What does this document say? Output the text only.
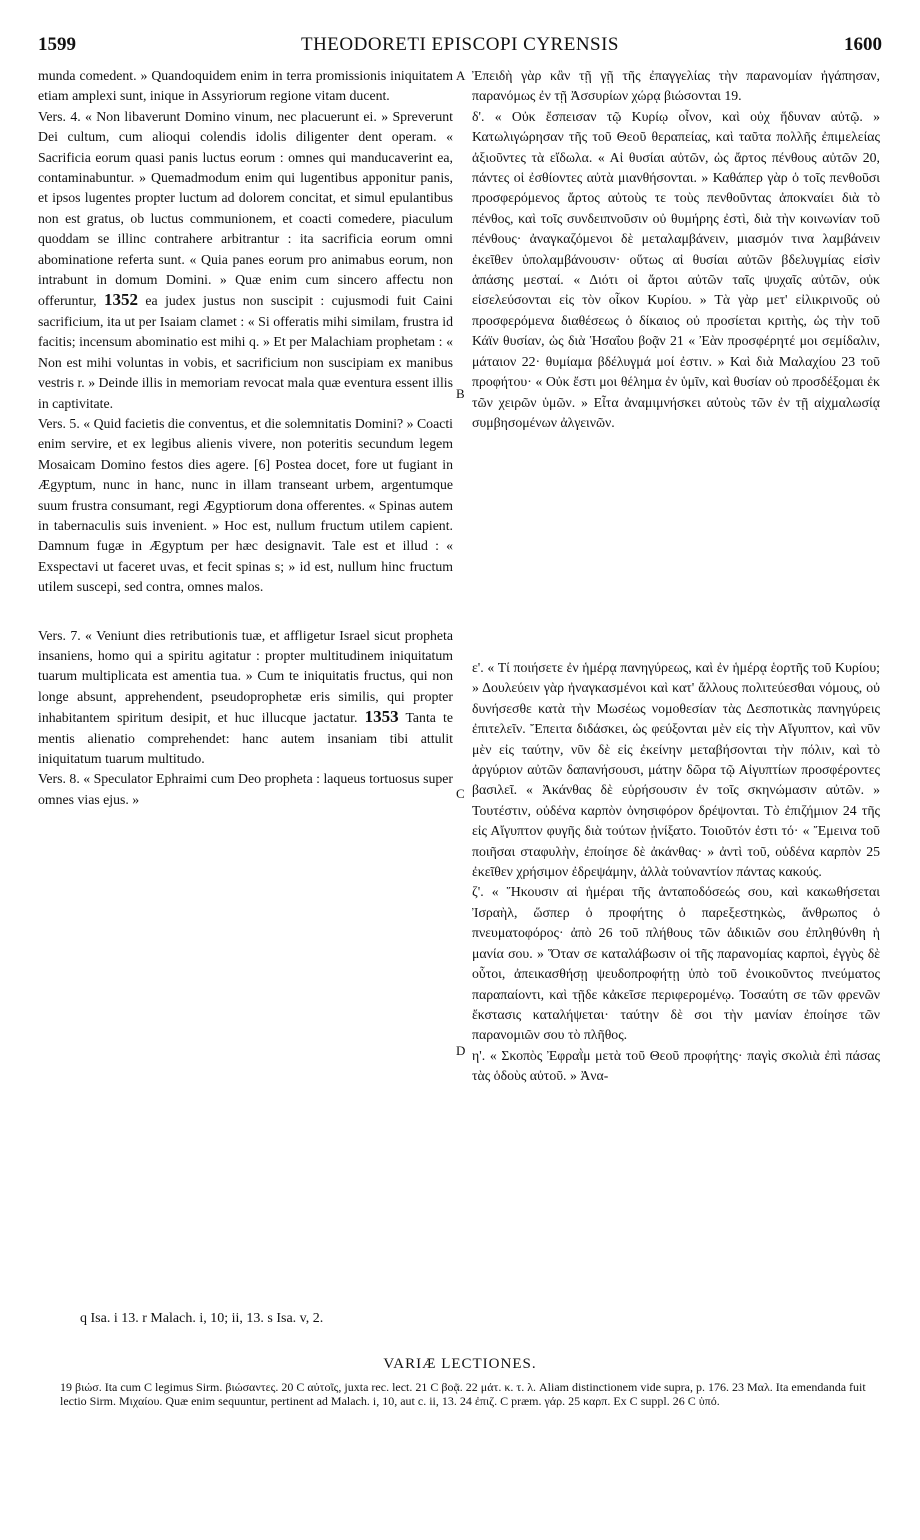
1599	THEODORETI EPISCOPI CYRENSIS	1600

munda comedent. » Quandoquidem enim in terra promissionis iniquitatem etiam amplexi sunt, inique in Assyriorum regione vitam ducent.

Vers. 4. « Non libaverunt Domino vinum, nec placuerunt ei. » Spreverunt Dei cultum, cum alioqui colendis idolis diligenter dent operam. « Sacrificia eorum quasi panis luctus eorum : omnes qui manducaverint ea, contaminabuntur. » Quemadmodum enim qui lugentibus apponitur panis, et ipsos lugentes propter luctum ad dolorem concitat, et simul epulantibus non est gratus, ob luctus communionem, et coacti comedere, piaculum quoddam se illinc contrahere arbitrantur : ita sacrificia eorum omni abominatione referta sunt. « Quia panes eorum pro animabus eorum, non intrabunt in domum Domini. » Quæ enim cum sincero affectu non offeruntur, 1352 ea judex justus non suscipit : cujusmodi fuit Caini sacrificium, ita ut per Isaiam clamet : « Si offeratis mihi similam, frustra id facitis; incensum abominatio est mihi q. » Et per Malachiam prophetam : « Non est mihi voluntas in vobis, et sacrificium non suscipiam ex manibus vestris r. » Deinde illis in memoriam revocat mala quæ eventura essent illis in captivitate.

Vers. 5. « Quid facietis die conventus, et die solemnitatis Domini? » Coacti enim servire, et ex legibus alienis vivere, non poteritis secundum legem Mosaicam Domino festos dies agere. [6] Postea docet, fore ut fugiant in Ægyptum, nunc in hanc, nunc in illam transeant urbem, argentumque suum frustra consumant, regi Ægyptiorum dona offerentes. « Spinas autem in tabernaculis suis invenient. » Hoc est, nullum fructum utilem capient. Damnum fugæ in Ægyptum per hæc designavit. Tale est et illud : « Exspectavi ut faceret uvas, et fecit spinas s; » id est, nullum hinc fructum utilem suscepi, sed contra, omnes malos.

Vers. 7. « Veniunt dies retributionis tuæ, et affligetur Israel sicut propheta insaniens, homo qui a spiritu agitatur : propter multitudinem iniquitatum tuarum multiplicata est amentia tua. » Cum te iniquitatis fructus, qui non longe absunt, apprehendent, pseudoprophetæ eris similis, qui propter inhabitantem spiritum desipit, et huc illucque jactatur. 1353 Tanta te mentis alienatio comprehendet: hanc autem insaniam tibi attulit iniquitatum tuarum multitudo.

Vers. 8. « Speculator Ephraimi cum Deo propheta : laqueus tortuosus super omnes vias ejus. »

Ἐπειδὴ γὰρ κἂν τῇ γῇ τῆς ἐπαγγελίας τὴν παρανομίαν ἠγάπησαν, παρανόμως ἐν τῇ Ἀσσυρίων χώρᾳ βιώσονται 19.

δ'. « Οὐκ ἔσπεισαν τῷ Κυρίῳ οἶνον, καὶ οὐχ ἥδυναν αὐτῷ. » Κατωλιγώρησαν τῆς τοῦ Θεοῦ θεραπείας, καὶ ταῦτα πολλῆς ἐπιμελείας ἀξιοῦντες τὰ εἴδωλα. « Αἱ θυσίαι αὐτῶν, ὡς ἄρτος πένθους αὐτῶν 20, πάντες οἱ ἐσθίοντες αὐτὰ μιανθήσονται. » Καθάπερ γὰρ ὁ τοῖς πενθοῦσι προσφερόμενος ἄρτος αὐτοὺς τε τοὺς πενθοῦντας ἀποκναίει διὰ τὸ πένθος, καὶ τοῖς συνδειπνοῦσιν οὐ θυμήρης ἐστὶ, διὰ τὴν κοινωνίαν τοῦ πένθους· ἀναγκαζόμενοι δὲ μεταλαμβάνειν, μιασμόν τινα λαμβάνειν ἐκεῖθεν ὑπολαμβάνουσιν· οὕτως αἱ θυσίαι αὐτῶν βδελυγμίας εἰσὶν ἁπάσης μεσταί. « Διότι οἱ ἄρτοι αὐτῶν ταῖς ψυχαῖς αὐτῶν, οὐκ εἰσελεύσονται εἰς τὸν οἶκον Κυρίου. » Τὰ γὰρ μετ' εἰλικρινοῦς οὐ προσφερόμενα διαθέσεως ὁ δίκαιος οὐ προσίεται κριτὴς, ὡς τὴν τοῦ Κάϊν θυσίαν, ὡς διὰ Ἡσαΐου βοᾷν 21 « Ἐὰν προσφέρητέ μοι σεμίδαλιν, μάταιον 22· θυμίαμα βδέλυγμά μοί ἐστιν. » Καὶ διὰ Μαλαχίου 23 τοῦ προφήτου· « Οὐκ ἔστι μοι θέλημα ἐν ὑμῖν, καὶ θυσίαν οὐ προσδέξομαι ἐκ τῶν χειρῶν ὑμῶν. » Εἶτα ἀναμιμνήσκει αὐτοὺς τῶν ἐν τῇ αἰχμαλωσίᾳ συμβησομένων ἀλγεινῶν.

ε'. « Τί ποιήσετε ἐν ἡμέρᾳ πανηγύρεως, καὶ ἐν ἡμέρᾳ ἑορτῆς τοῦ Κυρίου; » Δουλεύειν γὰρ ἠναγκασμένοι καὶ κατ' ἄλλους πολιτεύεσθαι νόμους, οὐ δυνήσεσθε κατὰ τὴν Μωσέως νομοθεσίαν τὰς Δεσποτικὰς πανηγύρεις ἐπιτελεῖν. Ἔπειτα διδάσκει, ὡς φεύξονται μὲν εἰς τὴν Αἴγυπτον, καὶ νῦν μὲν εἰς ταύτην, νῦν δὲ εἰς ἐκείνην μεταβήσονται τὴν πόλιν, καὶ τὸ ἀργύριον αὐτῶν δαπανήσουσι, μάτην δῶρα τῷ Αἰγυπτίων προσφέροντες βασιλεῖ. « Ἀκάνθας δὲ εὑρήσουσιν ἐν τοῖς σκηνώμασιν αὐτῶν. » Τουτέστιν, οὐδένα καρπὸν ὀνησιφόρον δρέψονται. Τὸ ἐπιζήμιον 24 τῆς εἰς Αἴγυπτον φυγῆς διὰ τούτων ᾐνίξατο. Τοιοῦτόν ἐστι τό· « Ἔμεινα τοῦ ποιῆσαι σταφυλὴν, ἐποίησε δὲ ἀκάνθας· » ἀντὶ τοῦ, οὐδένα καρπὸν 25 ἐκεῖθεν χρήσιμον ἐδρεψάμην, ἀλλὰ τοὐναντίον πάντας κακούς.

ζ'. « Ἥκουσιν αἱ ἡμέραι τῆς ἀνταποδόσεώς σου, καὶ κακωθήσεται Ἰσραὴλ, ὥσπερ ὁ προφήτης ὁ παρεξεστηκὼς, ἄνθρωπος ὁ πνευματοφόρος· ἀπὸ 26 τοῦ πλήθους τῶν ἀδικιῶν σου ἐπληθύνθη ἡ μανία σου. » Ὅταν σε καταλάβωσιν οἱ τῆς παρανομίας καρποὶ, ἐγγὺς δὲ οὗτοι, ἀπεικασθήσῃ ψευδοπροφήτῃ ὑπὸ τοῦ ἐνοικοῦντος πνεύματος παραπαίοντι, καὶ τῇδε κἀκεῖσε περιφερομένῳ. Τοσαύτη σε τῶν φρενῶν ἔκστασις καταλήψεται· ταύτην δὲ σοι τὴν μανίαν ἐποίησε τῶν παρανομιῶν σου τὸ πλῆθος.

η'. « Σκοπὸς Ἐφραῒμ μετὰ τοῦ Θεοῦ προφήτης· παγὶς σκολιὰ ἐπὶ πάσας τὰς ὁδοὺς αὐτοῦ. » Ἀνα-

A
B
C
D
q Isa. i 13. r Malach. i, 10; ii, 13. s Isa. v, 2.
VARIÆ LECTIONES.
19 βιώσ. Ita cum C legimus Sirm. βιώσαντες. 20 C αὐτοῖς, juxta rec. lect. 21 C βοᾷ. 22 μάτ. κ. τ. λ. Aliam distinctionem vide supra, p. 176. 23 Μαλ. Ita emendanda fuit lectio Sirm. Μιχαίου. Quæ enim sequuntur, pertinent ad Malach. i, 10, aut c. ii, 13. 24 ἐπιζ. C præm. γάρ. 25 καρπ. Ex C suppl. 26 C ὑπό.
